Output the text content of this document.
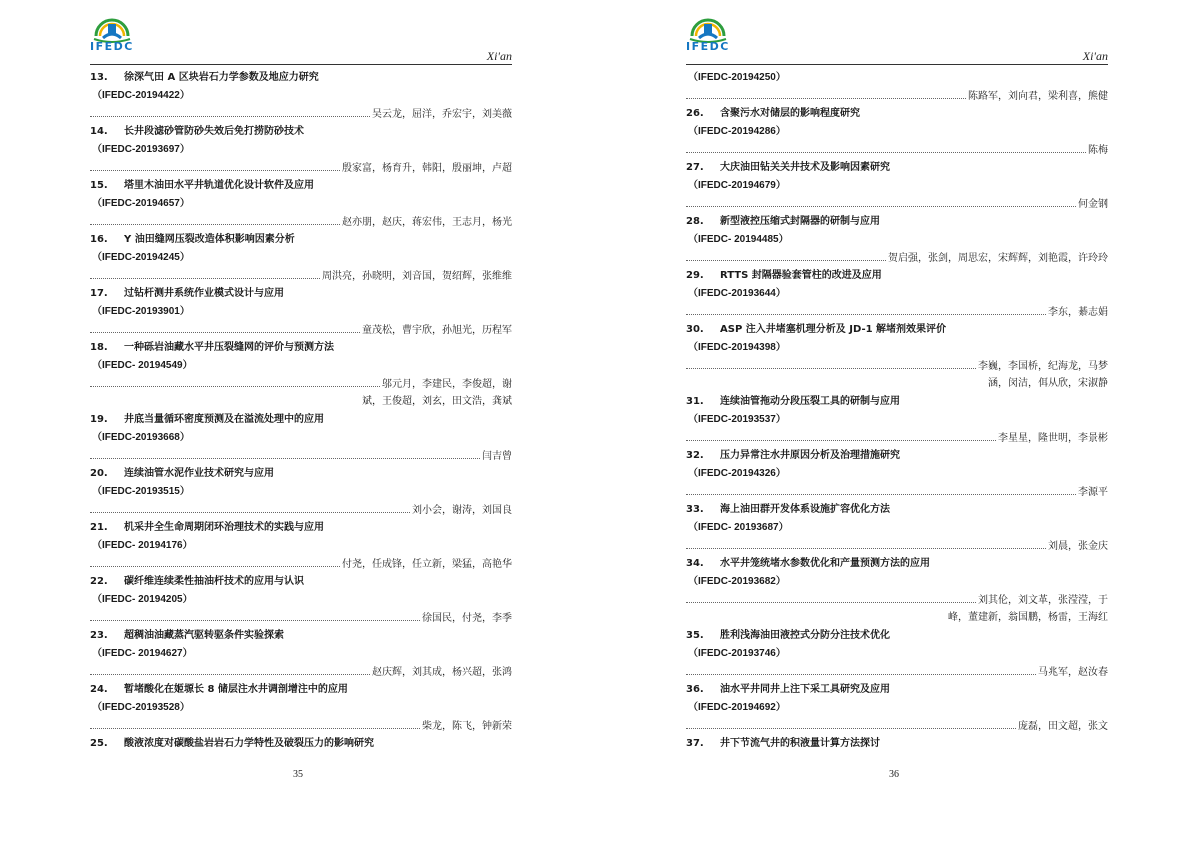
IFEDC
Xi'an
13. 徐深气田 A 区块岩石力学参数及地应力研究
（IFEDC-20194422）
吴云龙，屈洋，乔宏宇，刘美薇
14. 长井段滤砂管防砂失效后免打捞防砂技术
（IFEDC-20193697）
殷家富，杨育升，韩阳，殷丽坤，卢超
15. 塔里木油田水平井轨道优化设计软件及应用
（IFEDC-20194657）
赵亦朋，赵庆，蒋宏伟，王志月，杨光
16. Y 油田缝网压裂改造体积影响因素分析
（IFEDC-20194245）
周洪亮，孙晓明，刘音国，贺绍辉，张维维
17. 过钻杆测井系统作业模式设计与应用
（IFEDC-20193901）
童茂松，曹宇欣，孙旭光，历程军
18. 一种砾岩油藏水平井压裂缝网的评价与预测方法
（IFEDC- 20194549）
邬元月，李建民，李俊超，谢
斌，王俊超，刘玄，田文浩，龚斌
19. 井底当量循环密度预测及在溢流处理中的应用
（IFEDC-20193668）
闫吉曾
20. 连续油管水泥作业技术研究与应用
（IFEDC-20193515）
刘小会，谢涛，刘国良
21. 机采井全生命周期闭环治理技术的实践与应用
（IFEDC- 20194176）
付尧，任成锋，任立新，梁猛，高艳华
22. 碳纤维连续柔性抽油杆技术的应用与认识
（IFEDC- 20194205）
徐国民，付尧，李季
23. 超稠油油藏蒸汽驱转驱条件实验探索
（IFEDC- 20194627）
赵庆辉，刘其成，杨兴超，张鸿
24. 暂堵酸化在姬塬长 8 储层注水井调剖增注中的应用
（IFEDC-20193528）
柴龙，陈飞，钟新荣
25. 酸液浓度对碳酸盐岩岩石力学特性及破裂压力的影响研究
35
IFEDC
Xi'an
（IFEDC-20194250）
陈路军，刘向君，梁利喜，熊健
26. 含聚污水对储层的影响程度研究
（IFEDC-20194286）
陈梅
27. 大庆油田钻关关井技术及影响因素研究
（IFEDC-20194679）
何金钢
28. 新型液控压缩式封隔器的研制与应用
（IFEDC- 20194485）
贺启强，张剑，周思宏，宋辉辉，刘艳霞，许玲玲
29. RTTS 封隔器验套管柱的改进及应用
（IFEDC-20193644）
李东，綦志娟
30. ASP 注入井堵塞机理分析及 JD-1 解堵剂效果评价
（IFEDC-20194398）
李巍，李国桥，纪海龙，马梦
涵，闵洁，佴从欣，宋淑静
31. 连续油管拖动分段压裂工具的研制与应用
（IFEDC-20193537）
李星星，隆世明，李景彬
32. 压力异常注水井原因分析及治理措施研究
（IFEDC-20194326）
李源平
33. 海上油田群开发体系设施扩容优化方法
（IFEDC- 20193687）
刘晨，张金庆
34. 水平井笼统堵水参数优化和产量预测方法的应用
（IFEDC-20193682）
刘其伦，刘文革，张滢滢，于
峰，董建新，翁国鹏，杨雷，王海红
35. 胜利浅海油田液控式分防分注技术优化
（IFEDC-20193746）
马兆军，赵汝春
36. 油水平井同井上注下采工具研究及应用
（IFEDC-20194692）
庞磊，田文超，张文
37. 井下节流气井的积液量计算方法探讨
36
